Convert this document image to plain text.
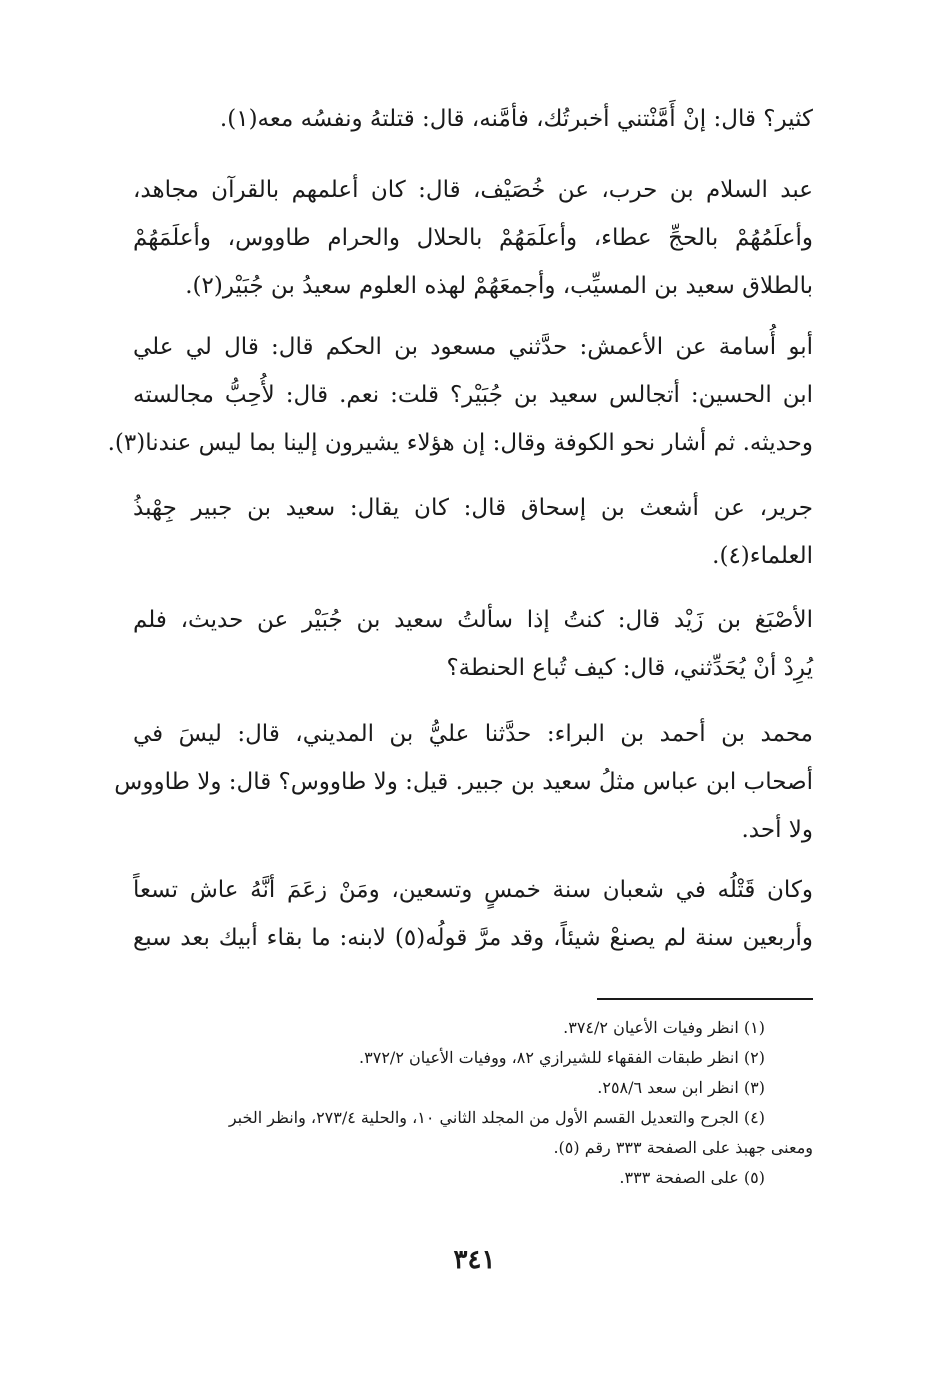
كثير؟ قال: إنْ أَمَّنْتني أخبرتُك، فأمَّنه، قال: قتلتهُ ونفسُه معه(١).
عبد السلام بن حرب، عن خُصَيْف، قال: كان أعلمهم بالقرآن مجاهد،
وأعلَمُهُمْ بالحجِّ عطاء، وأعلَمَهُمْ بالحلال والحرام طاووس، وأعلَمَهُمْ
بالطلاق سعيد بن المسيِّب، وأجمعَهُمْ لهذه العلوم سعيدُ بن جُبَيْر(٢).
أبو أُسامة عن الأعمش: حدَّثني مسعود بن الحكم قال: قال لي علي
ابن الحسين: أتجالس سعيد بن جُبَيْر؟ قلت: نعم. قال: لأُحِبُّ مجالسته
وحديثه. ثم أشار نحو الكوفة وقال: إن هؤلاء يشيرون إلينا بما ليس عندنا(٣).
جرير، عن أشعث بن إسحاق قال: كان يقال: سعيد بن جبير جِهْبذُ
العلماء(٤).
الأصْبَغ بن زَيْد قال: كنتُ إذا سألتُ سعيد بن جُبَيْر عن حديث، فلم
يُرِدْ أنْ يُحَدِّثني، قال: كيف تُباع الحنطة؟
محمد بن أحمد بن البراء: حدَّثنا عليُّ بن المديني، قال: ليسَ في
أصحاب ابن عباس مثلُ سعيد بن جبير. قيل: ولا طاووس؟ قال: ولا طاووس
ولا أحد.
وكان قَتْلُه في شعبان سنة خمسٍ وتسعين، ومَنْ زعَمَ أنَّهُ عاش تسعاً
وأربعين سنة لم يصنعْ شيئاً، وقد مرَّ قولُه(٥) لابنه: ما بقاء أبيك بعد سبع
(١) انظر وفيات الأعيان ٣٧٤/٢.
(٢) انظر طبقات الفقهاء للشيرازي ٨٢، ووفيات الأعيان ٣٧٢/٢.
(٣) انظر ابن سعد ٢٥٨/٦.
(٤) الجرح والتعديل القسم الأول من المجلد الثاني ١٠، والحلية ٢٧٣/٤، وانظر الخبر
ومعنى جهبذ على الصفحة ٣٣٣ رقم (٥).
(٥) على الصفحة ٣٣٣.
٣٤١
